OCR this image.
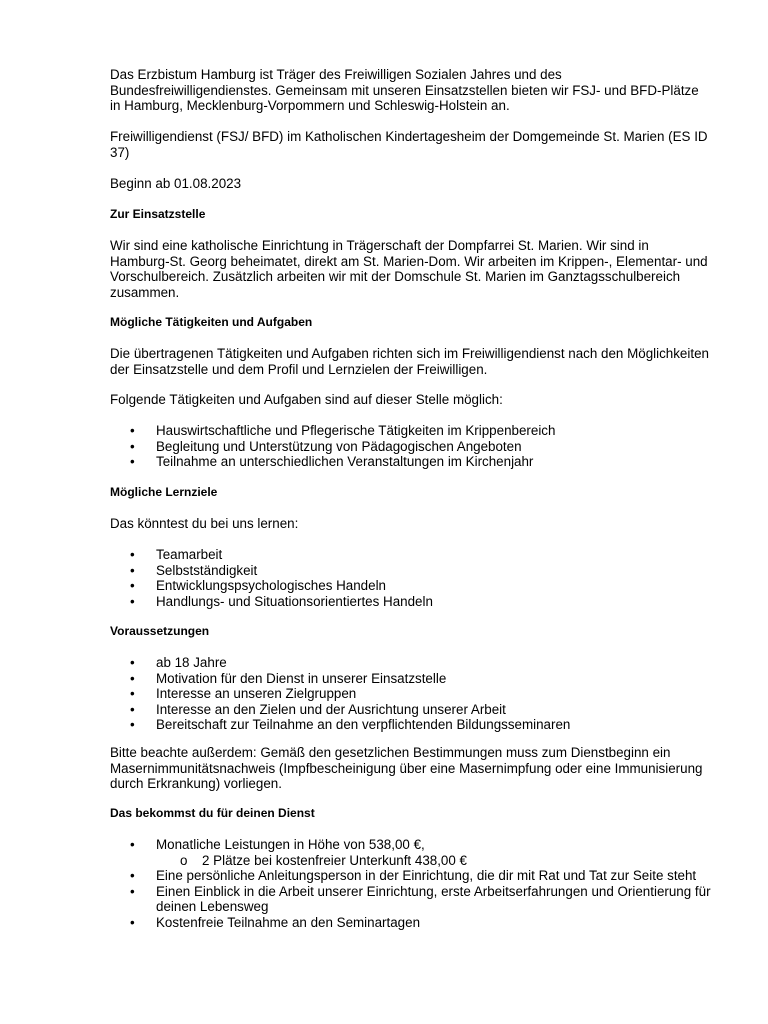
Das Erzbistum Hamburg ist Träger des Freiwilligen Sozialen Jahres und des Bundesfreiwilligendienstes. Gemeinsam mit unseren Einsatzstellen bieten wir FSJ- und BFD-Plätze in Hamburg, Mecklenburg-Vorpommern und Schleswig-Holstein an.

Freiwilligendienst (FSJ/ BFD) im Katholischen Kindertagesheim der Domgemeinde St. Marien (ES ID 37)

Beginn ab 01.08.2023

Zur Einsatzstelle

Wir sind eine katholische Einrichtung in Trägerschaft der Dompfarrei St. Marien. Wir sind in Hamburg-St. Georg beheimatet, direkt am St. Marien-Dom. Wir arbeiten im Krippen-, Elementar- und Vorschulbereich. Zusätzlich arbeiten wir mit der Domschule St. Marien im Ganztagsschulbereich zusammen.

Mögliche Tätigkeiten und Aufgaben

Die übertragenen Tätigkeiten und Aufgaben richten sich im Freiwilligendienst nach den Möglichkeiten der Einsatzstelle und dem Profil und Lernzielen der Freiwilligen.

Folgende Tätigkeiten und Aufgaben sind auf dieser Stelle möglich:

• Hauswirtschaftliche und Pflegerische Tätigkeiten im Krippenbereich
• Begleitung und Unterstützung von Pädagogischen Angeboten
• Teilnahme an unterschiedlichen Veranstaltungen im Kirchenjahr

Mögliche Lernziele

Das könntest du bei uns lernen:

• Teamarbeit
• Selbstständigkeit
• Entwicklungspsychologisches Handeln
• Handlungs- und Situationsorientiertes Handeln

Voraussetzungen

• ab 18 Jahre
• Motivation für den Dienst in unserer Einsatzstelle
• Interesse an unseren Zielgruppen
• Interesse an den Zielen und der Ausrichtung unserer Arbeit
• Bereitschaft zur Teilnahme an den verpflichtenden Bildungsseminaren

Bitte beachte außerdem: Gemäß den gesetzlichen Bestimmungen muss zum Dienstbeginn ein Masernimmunitätsnachweis (Impfbescheinigung über eine Masernimpfung oder eine Immunisierung durch Erkrankung) vorliegen.

Das bekommst du für deinen Dienst

• Monatliche Leistungen in Höhe von 538,00 €,
o 2 Plätze bei kostenfreier Unterkunft 438,00 €
• Eine persönliche Anleitungsperson in der Einrichtung, die dir mit Rat und Tat zur Seite steht
• Einen Einblick in die Arbeit unserer Einrichtung, erste Arbeitserfahrungen und Orientierung für deinen Lebensweg
• Kostenfreie Teilnahme an den Seminartagen
